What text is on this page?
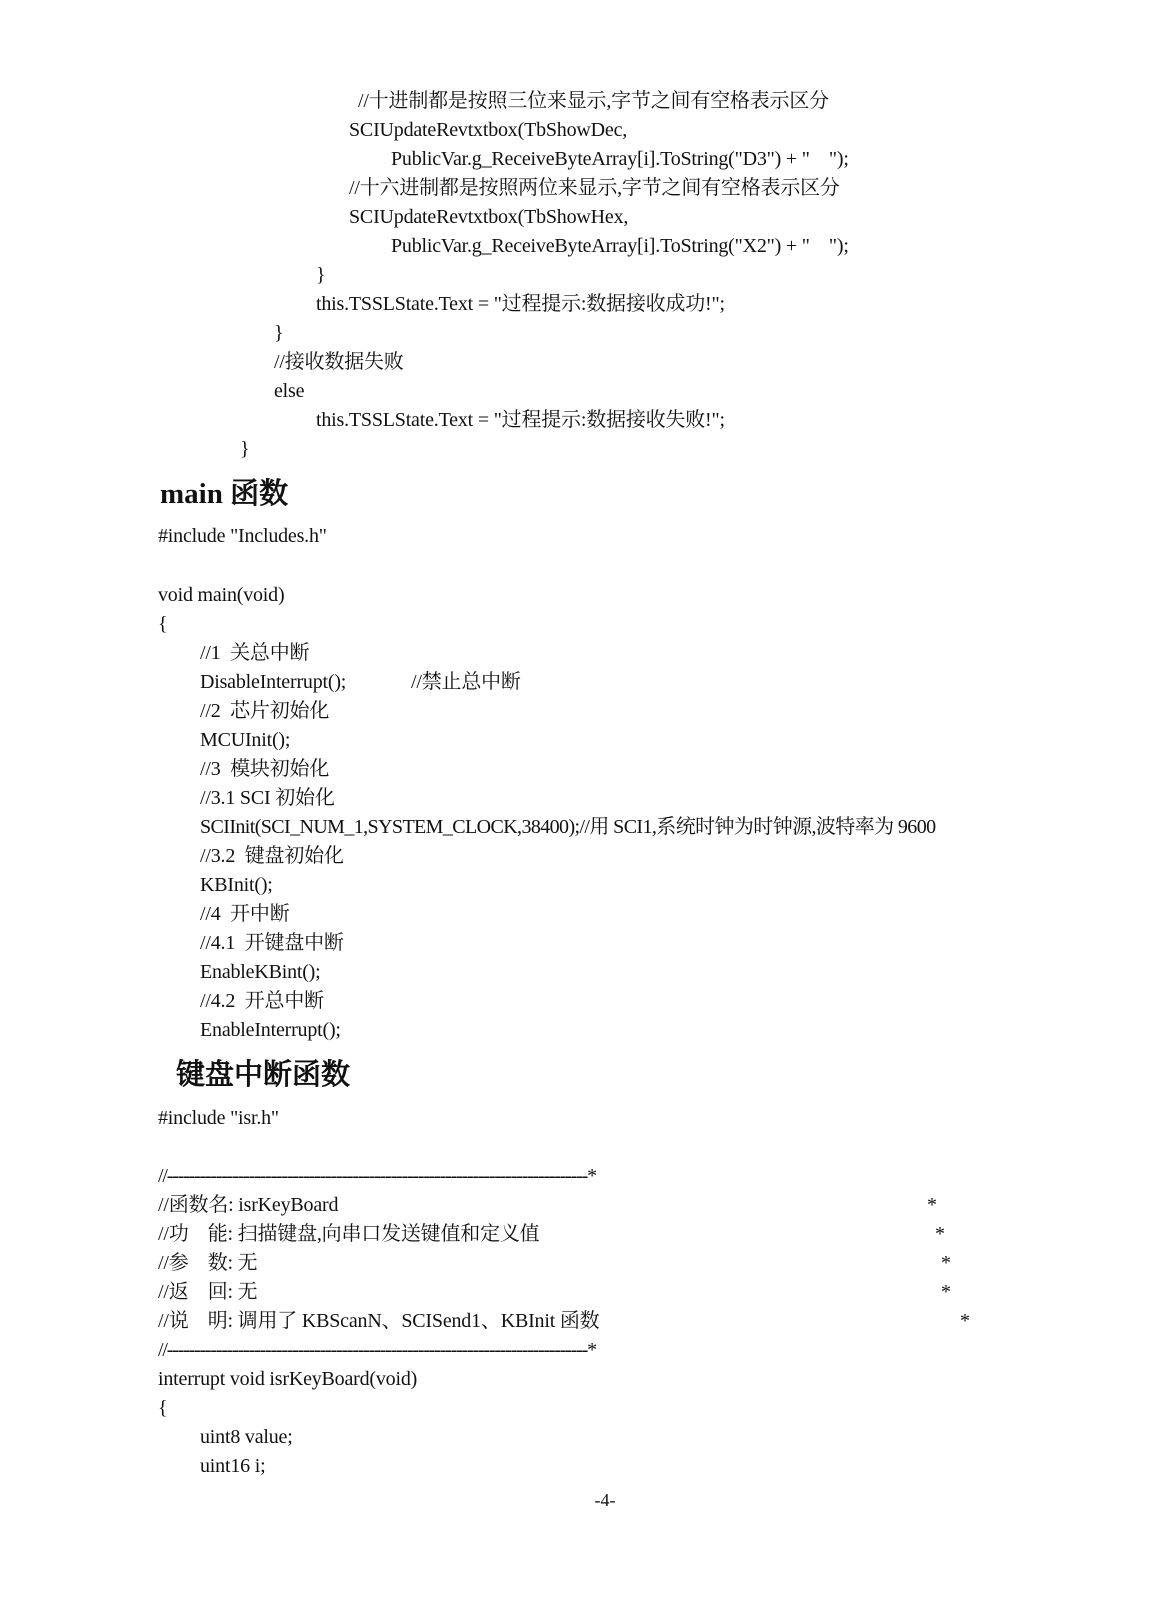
//十进制都是按照三位来显示,字节之间有空格表示区分
SCIUpdateRevtxtbox(TbShowDec,
PublicVar.g_ReceiveByteArray[i].ToString("D3") + "    ");
//十六进制都是按照两位来显示,字节之间有空格表示区分
SCIUpdateRevtxtbox(TbShowHex,
PublicVar.g_ReceiveByteArray[i].ToString("X2") + "    ");
}
this.TSSLState.Text = "过程提示:数据接收成功!";
}
//接收数据失败
else
this.TSSLState.Text = "过程提示:数据接收失败!";
}
main 函数
#include "Includes.h"
void main(void)
{
//1  关总中断
DisableInterrupt();	//禁止总中断
//2  芯片初始化
MCUInit();
//3  模块初始化
//3.1 SCI 初始化
SCIInit(SCI_NUM_1,SYSTEM_CLOCK,38400);//用 SCI1,系统时钟为时钟源,波特率为 9600
//3.2  键盘初始化
KBInit();
//4  开中断
//4.1  开键盘中断
EnableKBint();
//4.2  开总中断
EnableInterrupt();
键盘中断函数
#include "isr.h"
//-----------------------------------------------------------------------------*
//函数名: isrKeyBoard	*
//功    能: 扫描键盘,向串口发送键值和定义值	*
//参    数: 无	*
//返    回: 无	*
//说    明: 调用了 KBScanN、SCISend1、KBInit 函数	*
//-----------------------------------------------------------------------------*
interrupt void isrKeyBoard(void)
{
uint8 value;
uint16 i;
-4-
